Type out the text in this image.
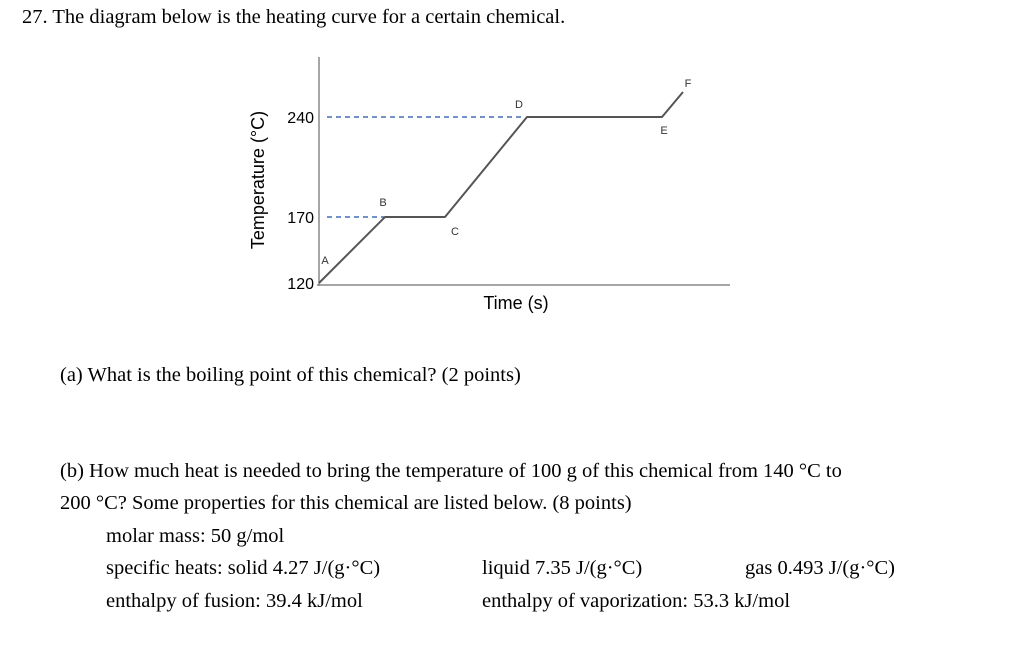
27. The diagram below is the heating curve for a certain chemical.
120
170
240
A
B
C
D
E
F
Time (s)
Temperature (°C)
(a) What is the boiling point of this chemical? (2 points)
(b) How much heat is needed to bring the temperature of 100 g of this chemical from 140 °C to
200 °C? Some properties for this chemical are listed below. (8 points)
molar mass: 50 g/mol
specific heats: solid 4.27 J/(g·°C)	liquid 7.35 J/(g·°C)	gas 0.493 J/(g·°C)
enthalpy of fusion: 39.4 kJ/mol	enthalpy of vaporization: 53.3 kJ/mol
